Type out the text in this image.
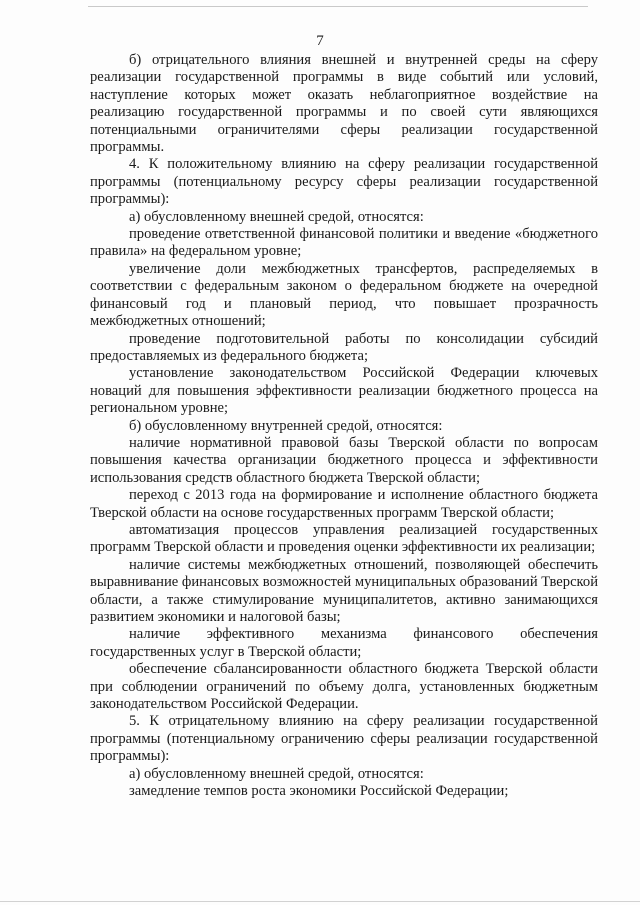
7

б) отрицательного влияния внешней и внутренней среды на сферу реализации государственной программы в виде событий или условий, наступление которых может оказать неблагоприятное воздействие на реализацию государственной программы и по своей сути являющихся потенциальными ограничителями сферы реализации государственной программы.

4. К положительному влиянию на сферу реализации государственной программы (потенциальному ресурсу сферы реализации государственной программы):

а) обусловленному внешней средой, относятся:

проведение ответственной финансовой политики и введение «бюджетного правила» на федеральном уровне;

увеличение доли межбюджетных трансфертов, распределяемых в соответствии с федеральным законом о федеральном бюджете на очередной финансовый год и плановый период, что повышает прозрачность межбюджетных отношений;

проведение подготовительной работы по консолидации субсидий предоставляемых из федерального бюджета;

установление законодательством Российской Федерации ключевых новаций для повышения эффективности реализации бюджетного процесса на региональном уровне;

б) обусловленному внутренней средой, относятся:

наличие нормативной правовой базы Тверской области по вопросам повышения качества организации бюджетного процесса и эффективности использования средств областного бюджета Тверской области;

переход с 2013 года на формирование и исполнение областного бюджета Тверской области на основе государственных программ Тверской области;

автоматизация процессов управления реализацией государственных программ Тверской области и проведения оценки эффективности их реализации;

наличие системы межбюджетных отношений, позволяющей обеспечить выравнивание финансовых возможностей муниципальных образований Тверской области, а также стимулирование муниципалитетов, активно занимающихся развитием экономики и налоговой базы;

наличие эффективного механизма финансового обеспечения государственных услуг в Тверской области;

обеспечение сбалансированности областного бюджета Тверской области при соблюдении ограничений по объему долга, установленных бюджетным законодательством Российской Федерации.

5. К отрицательному влиянию на сферу реализации государственной программы (потенциальному ограничению сферы реализации государственной программы):

а) обусловленному внешней средой, относятся:

замедление темпов роста экономики Российской Федерации;
